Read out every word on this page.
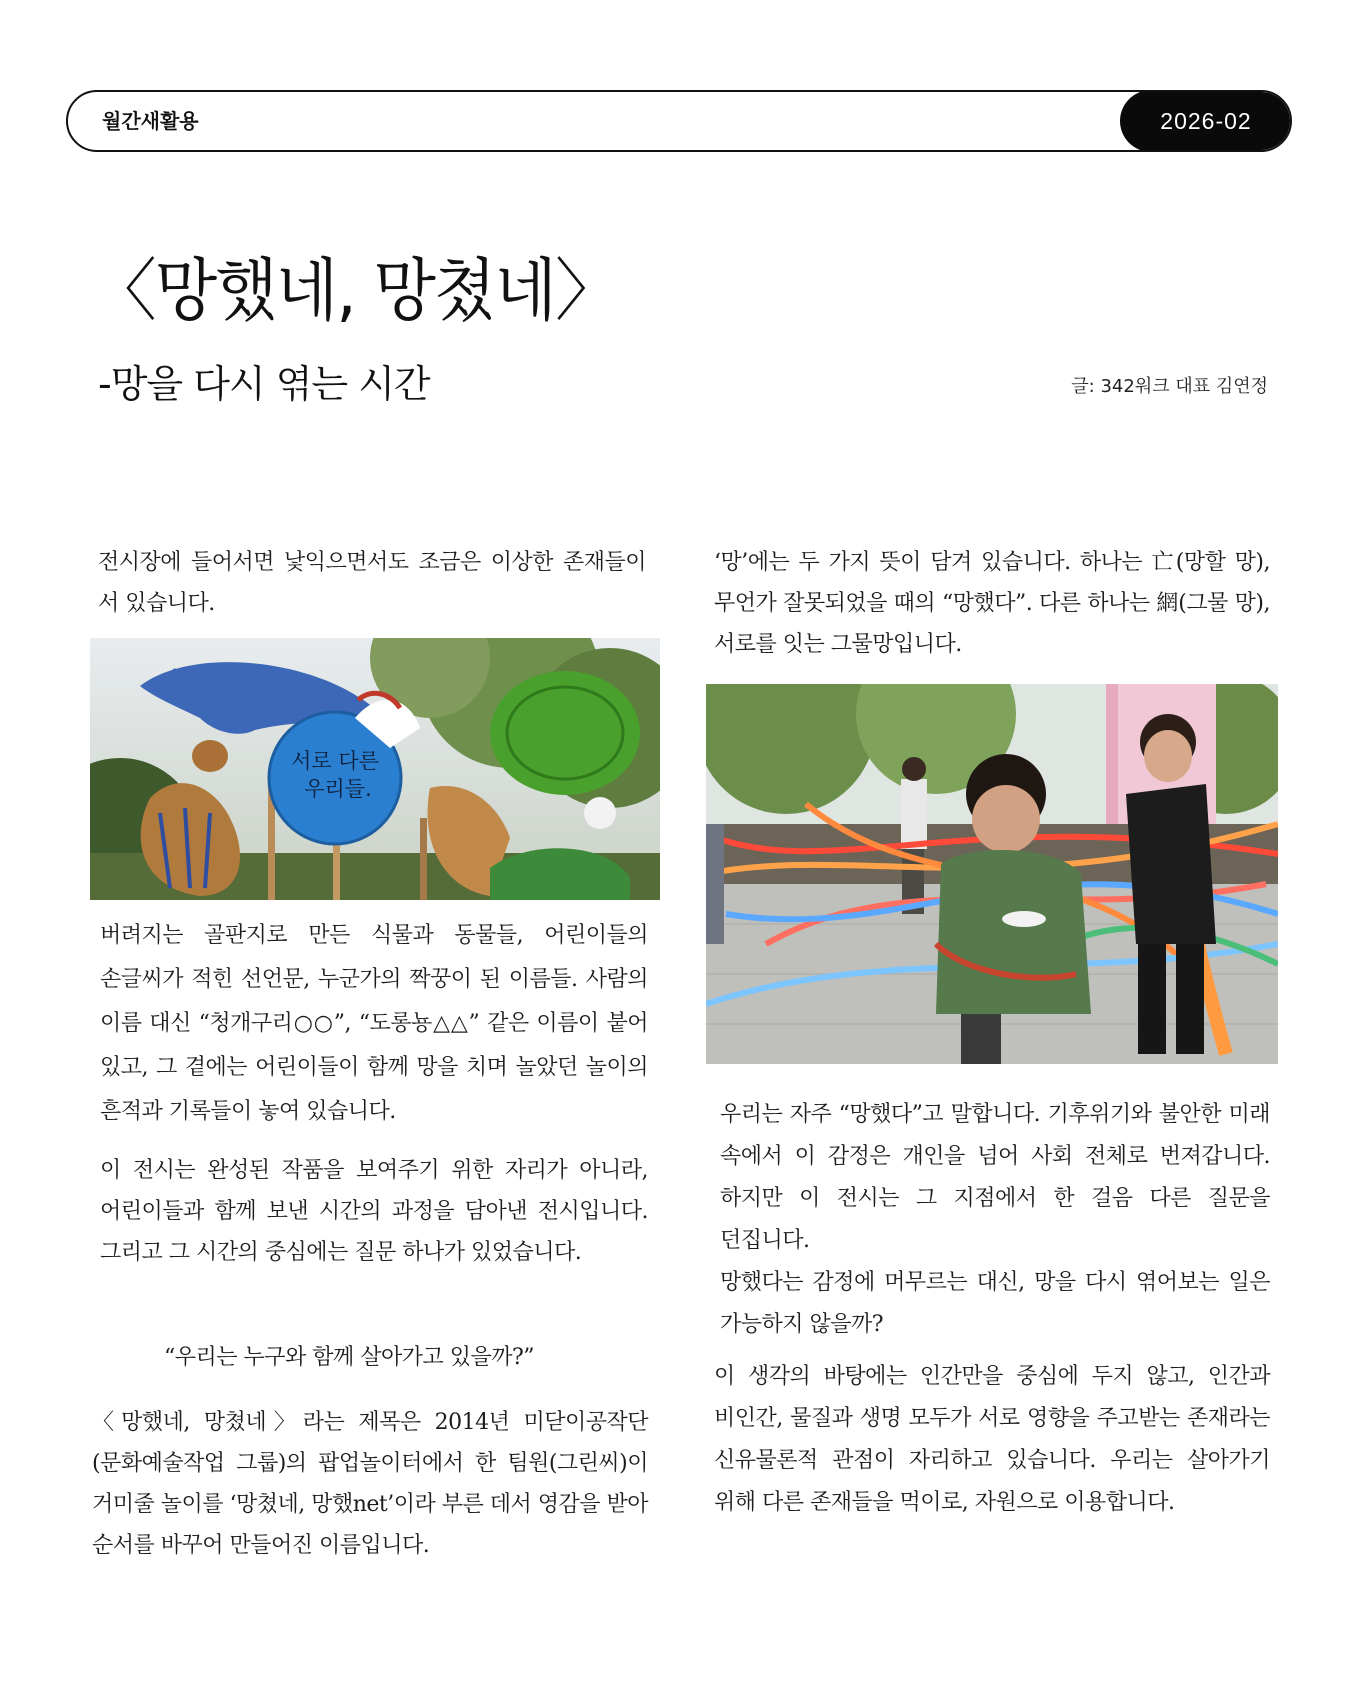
월간새활용	2026-02
〈망했네, 망쳤네〉
-망을 다시 엮는 시간	글: 342워크 대표 김연정

전시장에 들어서면 낯익으면서도 조금은 이상한 존재들이 서 있습니다.

서로 다른
우리들.

버려지는 골판지로 만든 식물과 동물들, 어린이들의 손글씨가 적힌 선언문, 누군가의 짝꿍이 된 이름들. 사람의 이름 대신 “청개구리○○”, “도롱뇽△△” 같은 이름이 붙어 있고, 그 곁에는 어린이들이 함께 망을 치며 놀았던 놀이의 흔적과 기록들이 놓여 있습니다.

이 전시는 완성된 작품을 보여주기 위한 자리가 아니라, 어린이들과 함께 보낸 시간의 과정을 담아낸 전시입니다. 그리고 그 시간의 중심에는 질문 하나가 있었습니다.

“우리는 누구와 함께 살아가고 있을까?”

〈망했네, 망쳤네〉라는 제목은 2014년 미닫이공작단(문화예술작업 그룹)의 팝업놀이터에서 한 팀원(그린씨)이 거미줄 놀이를 ‘망쳤네, 망했net’이라 부른 데서 영감을 받아 순서를 바꾸어 만들어진 이름입니다.

‘망’에는 두 가지 뜻이 담겨 있습니다. 하나는 亡(망할 망), 무언가 잘못되었을 때의 “망했다”. 다른 하나는 網(그물 망), 서로를 잇는 그물망입니다.

우리는 자주 “망했다”고 말합니다. 기후위기와 불안한 미래 속에서 이 감정은 개인을 넘어 사회 전체로 번져갑니다. 하지만 이 전시는 그 지점에서 한 걸음 다른 질문을 던집니다.

망했다는 감정에 머무르는 대신, 망을 다시 엮어보는 일은 가능하지 않을까?

이 생각의 바탕에는 인간만을 중심에 두지 않고, 인간과 비인간, 물질과 생명 모두가 서로 영향을 주고받는 존재라는 신유물론적 관점이 자리하고 있습니다. 우리는 살아가기 위해 다른 존재들을 먹이로, 자원으로 이용합니다.
